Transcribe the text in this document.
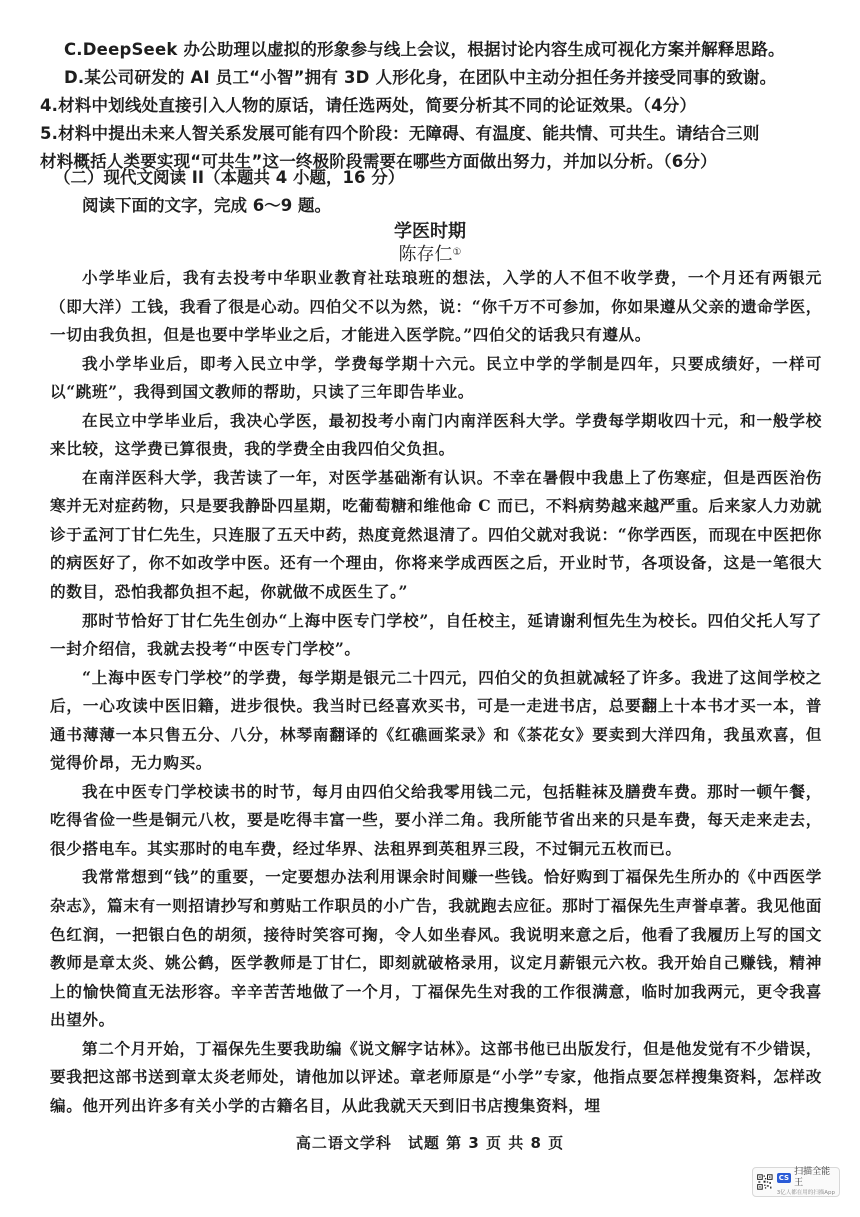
C.DeepSeek 办公助理以虚拟的形象参与线上会议，根据讨论内容生成可视化方案并解释思路。
D.某公司研发的 AI 员工“小智”拥有 3D 人形化身，在团队中主动分担任务并接受同事的致谢。
4.材料中划线处直接引入人物的原话，请任选两处，简要分析其不同的论证效果。（4分）
5.材料中提出未来人智关系发展可能有四个阶段：无障碍、有温度、能共情、可共生。请结合三则
材料概括人类要实现“可共生”这一终极阶段需要在哪些方面做出努力，并加以分析。（6分）
（二）现代文阅读 II（本题共 4 小题，16 分）
阅读下面的文字，完成 6～9 题。
学医时期
陈存仁①

小学毕业后，我有去投考中华职业教育社珐琅班的想法，入学的人不但不收学费，一个月还有两银元（即大洋）工钱，我看了很是心动。四伯父不以为然，说：“你千万不可参加，你如果遵从父亲的遗命学医，一切由我负担，但是也要中学毕业之后，才能进入医学院。”四伯父的话我只有遵从。

我小学毕业后，即考入民立中学，学费每学期十六元。民立中学的学制是四年，只要成绩好，一样可以“跳班”，我得到国文教师的帮助，只读了三年即告毕业。

在民立中学毕业后，我决心学医，最初投考小南门内南洋医科大学。学费每学期收四十元，和一般学校来比较，这学费已算很贵，我的学费全由我四伯父负担。

在南洋医科大学，我苦读了一年，对医学基础渐有认识。不幸在暑假中我患上了伤寒症，但是西医治伤寒并无对症药物，只是要我静卧四星期，吃葡萄糖和维他命 C 而已，不料病势越来越严重。后来家人力劝就诊于孟河丁甘仁先生，只连服了五天中药，热度竟然退清了。四伯父就对我说：“你学西医，而现在中医把你的病医好了，你不如改学中医。还有一个理由，你将来学成西医之后，开业时节，各项设备，这是一笔很大的数目，恐怕我都负担不起，你就做不成医生了。”

那时节恰好丁甘仁先生创办“上海中医专门学校”，自任校主，延请谢利恒先生为校长。四伯父托人写了一封介绍信，我就去投考“中医专门学校”。

“上海中医专门学校”的学费，每学期是银元二十四元，四伯父的负担就减轻了许多。我进了这间学校之后，一心攻读中医旧籍，进步很快。我当时已经喜欢买书，可是一走进书店，总要翻上十本书才买一本，普通书薄薄一本只售五分、八分，林琴南翻译的《红礁画桨录》和《茶花女》要卖到大洋四角，我虽欢喜，但觉得价昂，无力购买。

我在中医专门学校读书的时节，每月由四伯父给我零用钱二元，包括鞋袜及膳费车费。那时一顿午餐，吃得省俭一些是铜元八枚，要是吃得丰富一些，要小洋二角。我所能节省出来的只是车费，每天走来走去，很少搭电车。其实那时的电车费，经过华界、法租界到英租界三段，不过铜元五枚而已。

我常常想到“钱”的重要，一定要想办法利用课余时间赚一些钱。恰好购到丁福保先生所办的《中西医学杂志》，篇末有一则招请抄写和剪贴工作职员的小广告，我就跑去应征。那时丁福保先生声誉卓著。我见他面色红润，一把银白色的胡须，接待时笑容可掬，令人如坐春风。我说明来意之后，他看了我履历上写的国文教师是章太炎、姚公鹤，医学教师是丁甘仁，即刻就破格录用，议定月薪银元六枚。我开始自己赚钱，精神上的愉快简直无法形容。辛辛苦苦地做了一个月，丁福保先生对我的工作很满意，临时加我两元，更令我喜出望外。

第二个月开始，丁福保先生要我助编《说文解字诂林》。这部书他已出版发行，但是他发觉有不少错误，要我把这部书送到章太炎老师处，请他加以评述。章老师原是“小学”专家，他指点要怎样搜集资料，怎样改编。他开列出许多有关小学的古籍名目，从此我就天天到旧书店搜集资料，埋

高二语文学科　试题 第 3 页 共 8 页
CS
扫描全能王
3亿人都在用的扫描App
